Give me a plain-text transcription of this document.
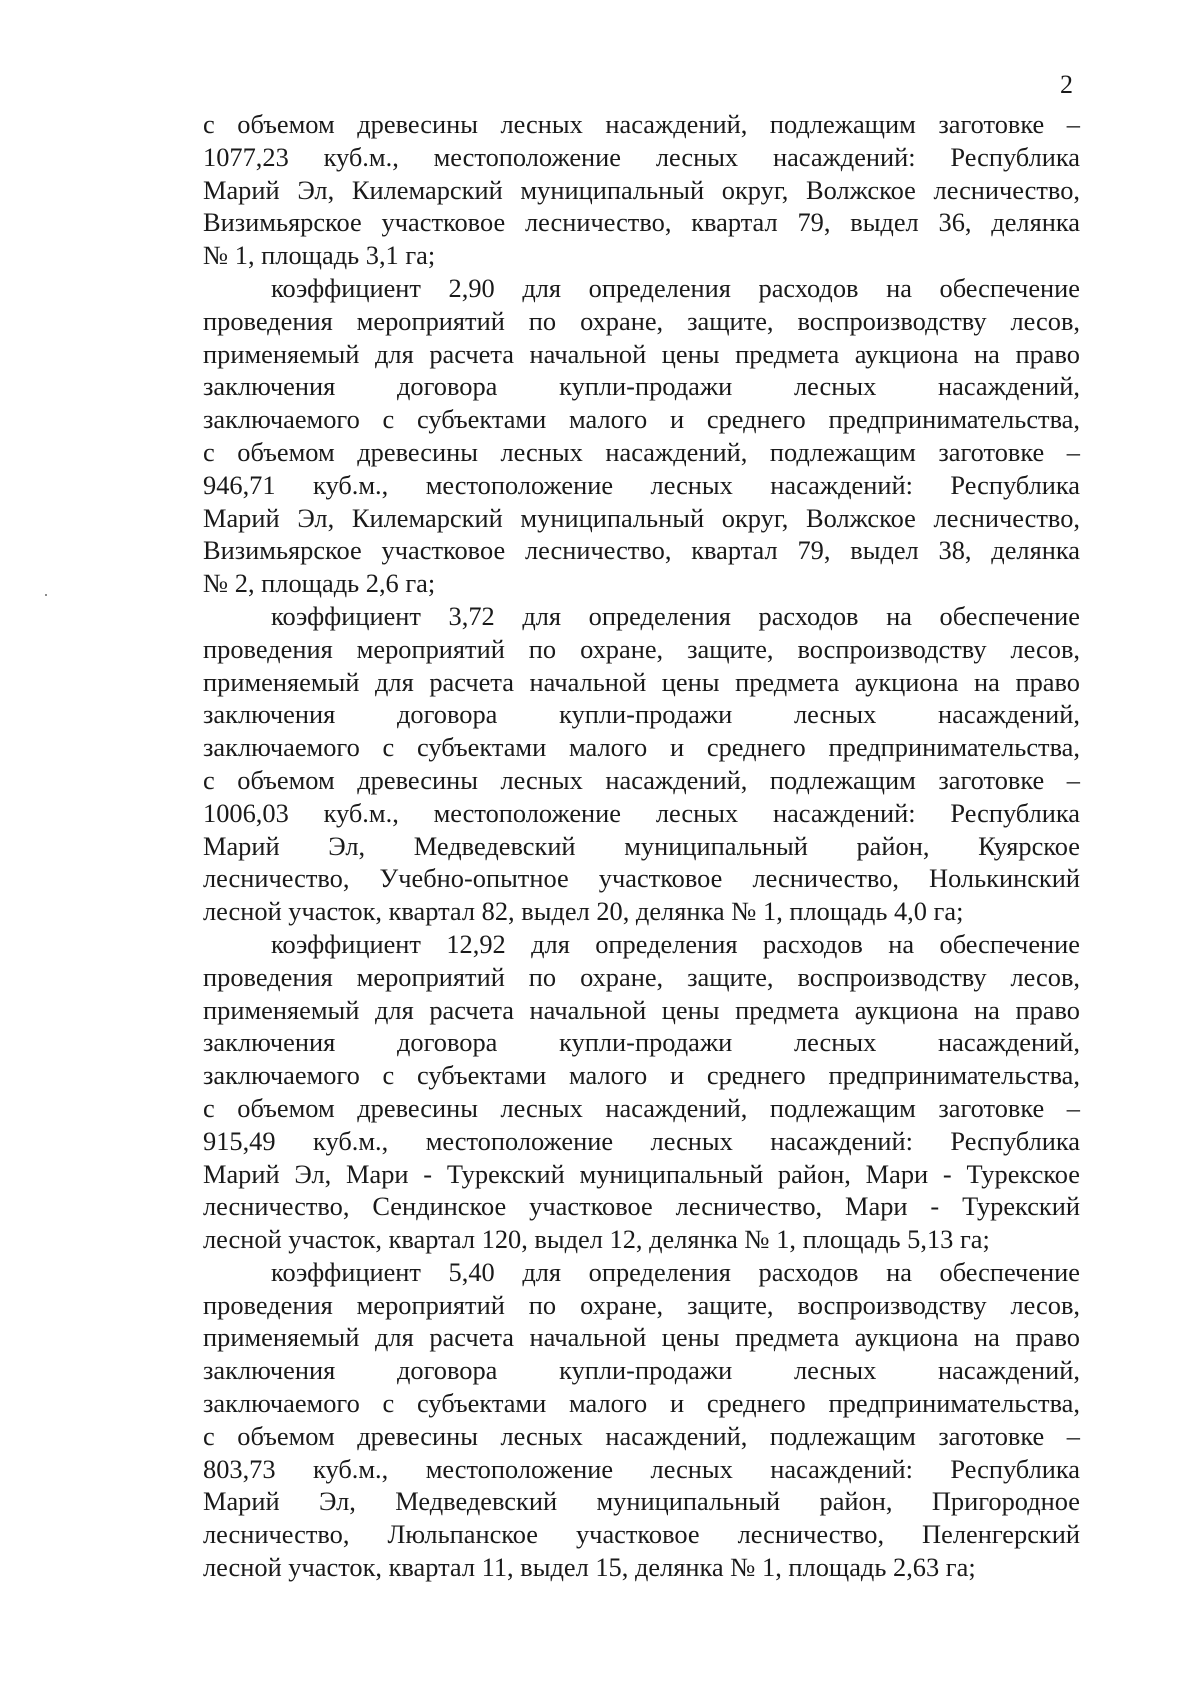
2
с объемом древесины лесных насаждений, подлежащим заготовке –
1077,23 куб.м., местоположение лесных насаждений: Республика
Марий Эл, Килемарский муниципальный округ, Волжское лесничество,
Визимьярское участковое лесничество, квартал 79, выдел 36, делянка
№ 1, площадь 3,1 га;
коэффициент 2,90 для определения расходов на обеспечение
проведения мероприятий по охране, защите, воспроизводству лесов,
применяемый для расчета начальной цены предмета аукциона на право
заключения договора купли-продажи лесных насаждений,
заключаемого с субъектами малого и среднего предпринимательства,
с объемом древесины лесных насаждений, подлежащим заготовке –
946,71 куб.м., местоположение лесных насаждений: Республика
Марий Эл, Килемарский муниципальный округ, Волжское лесничество,
Визимьярское участковое лесничество, квартал 79, выдел 38, делянка
№ 2, площадь 2,6 га;
коэффициент 3,72 для определения расходов на обеспечение
проведения мероприятий по охране, защите, воспроизводству лесов,
применяемый для расчета начальной цены предмета аукциона на право
заключения договора купли-продажи лесных насаждений,
заключаемого с субъектами малого и среднего предпринимательства,
с объемом древесины лесных насаждений, подлежащим заготовке –
1006,03 куб.м., местоположение лесных насаждений: Республика
Марий Эл, Медведевский муниципальный район, Куярское
лесничество, Учебно-опытное участковое лесничество, Нолькинский
лесной участок, квартал 82, выдел 20, делянка № 1, площадь 4,0 га;
коэффициент 12,92 для определения расходов на обеспечение
проведения мероприятий по охране, защите, воспроизводству лесов,
применяемый для расчета начальной цены предмета аукциона на право
заключения договора купли-продажи лесных насаждений,
заключаемого с субъектами малого и среднего предпринимательства,
с объемом древесины лесных насаждений, подлежащим заготовке –
915,49 куб.м., местоположение лесных насаждений: Республика
Марий Эл, Мари - Турекский муниципальный район, Мари - Турекское
лесничество, Сендинское участковое лесничество, Мари - Турекский
лесной участок, квартал 120, выдел 12, делянка № 1, площадь 5,13 га;
коэффициент 5,40 для определения расходов на обеспечение
проведения мероприятий по охране, защите, воспроизводству лесов,
применяемый для расчета начальной цены предмета аукциона на право
заключения договора купли-продажи лесных насаждений,
заключаемого с субъектами малого и среднего предпринимательства,
с объемом древесины лесных насаждений, подлежащим заготовке –
803,73 куб.м., местоположение лесных насаждений: Республика
Марий Эл, Медведевский муниципальный район, Пригородное
лесничество, Люльпанское участковое лесничество, Пеленгерский
лесной участок, квартал 11, выдел 15, делянка № 1, площадь 2,63 га;
